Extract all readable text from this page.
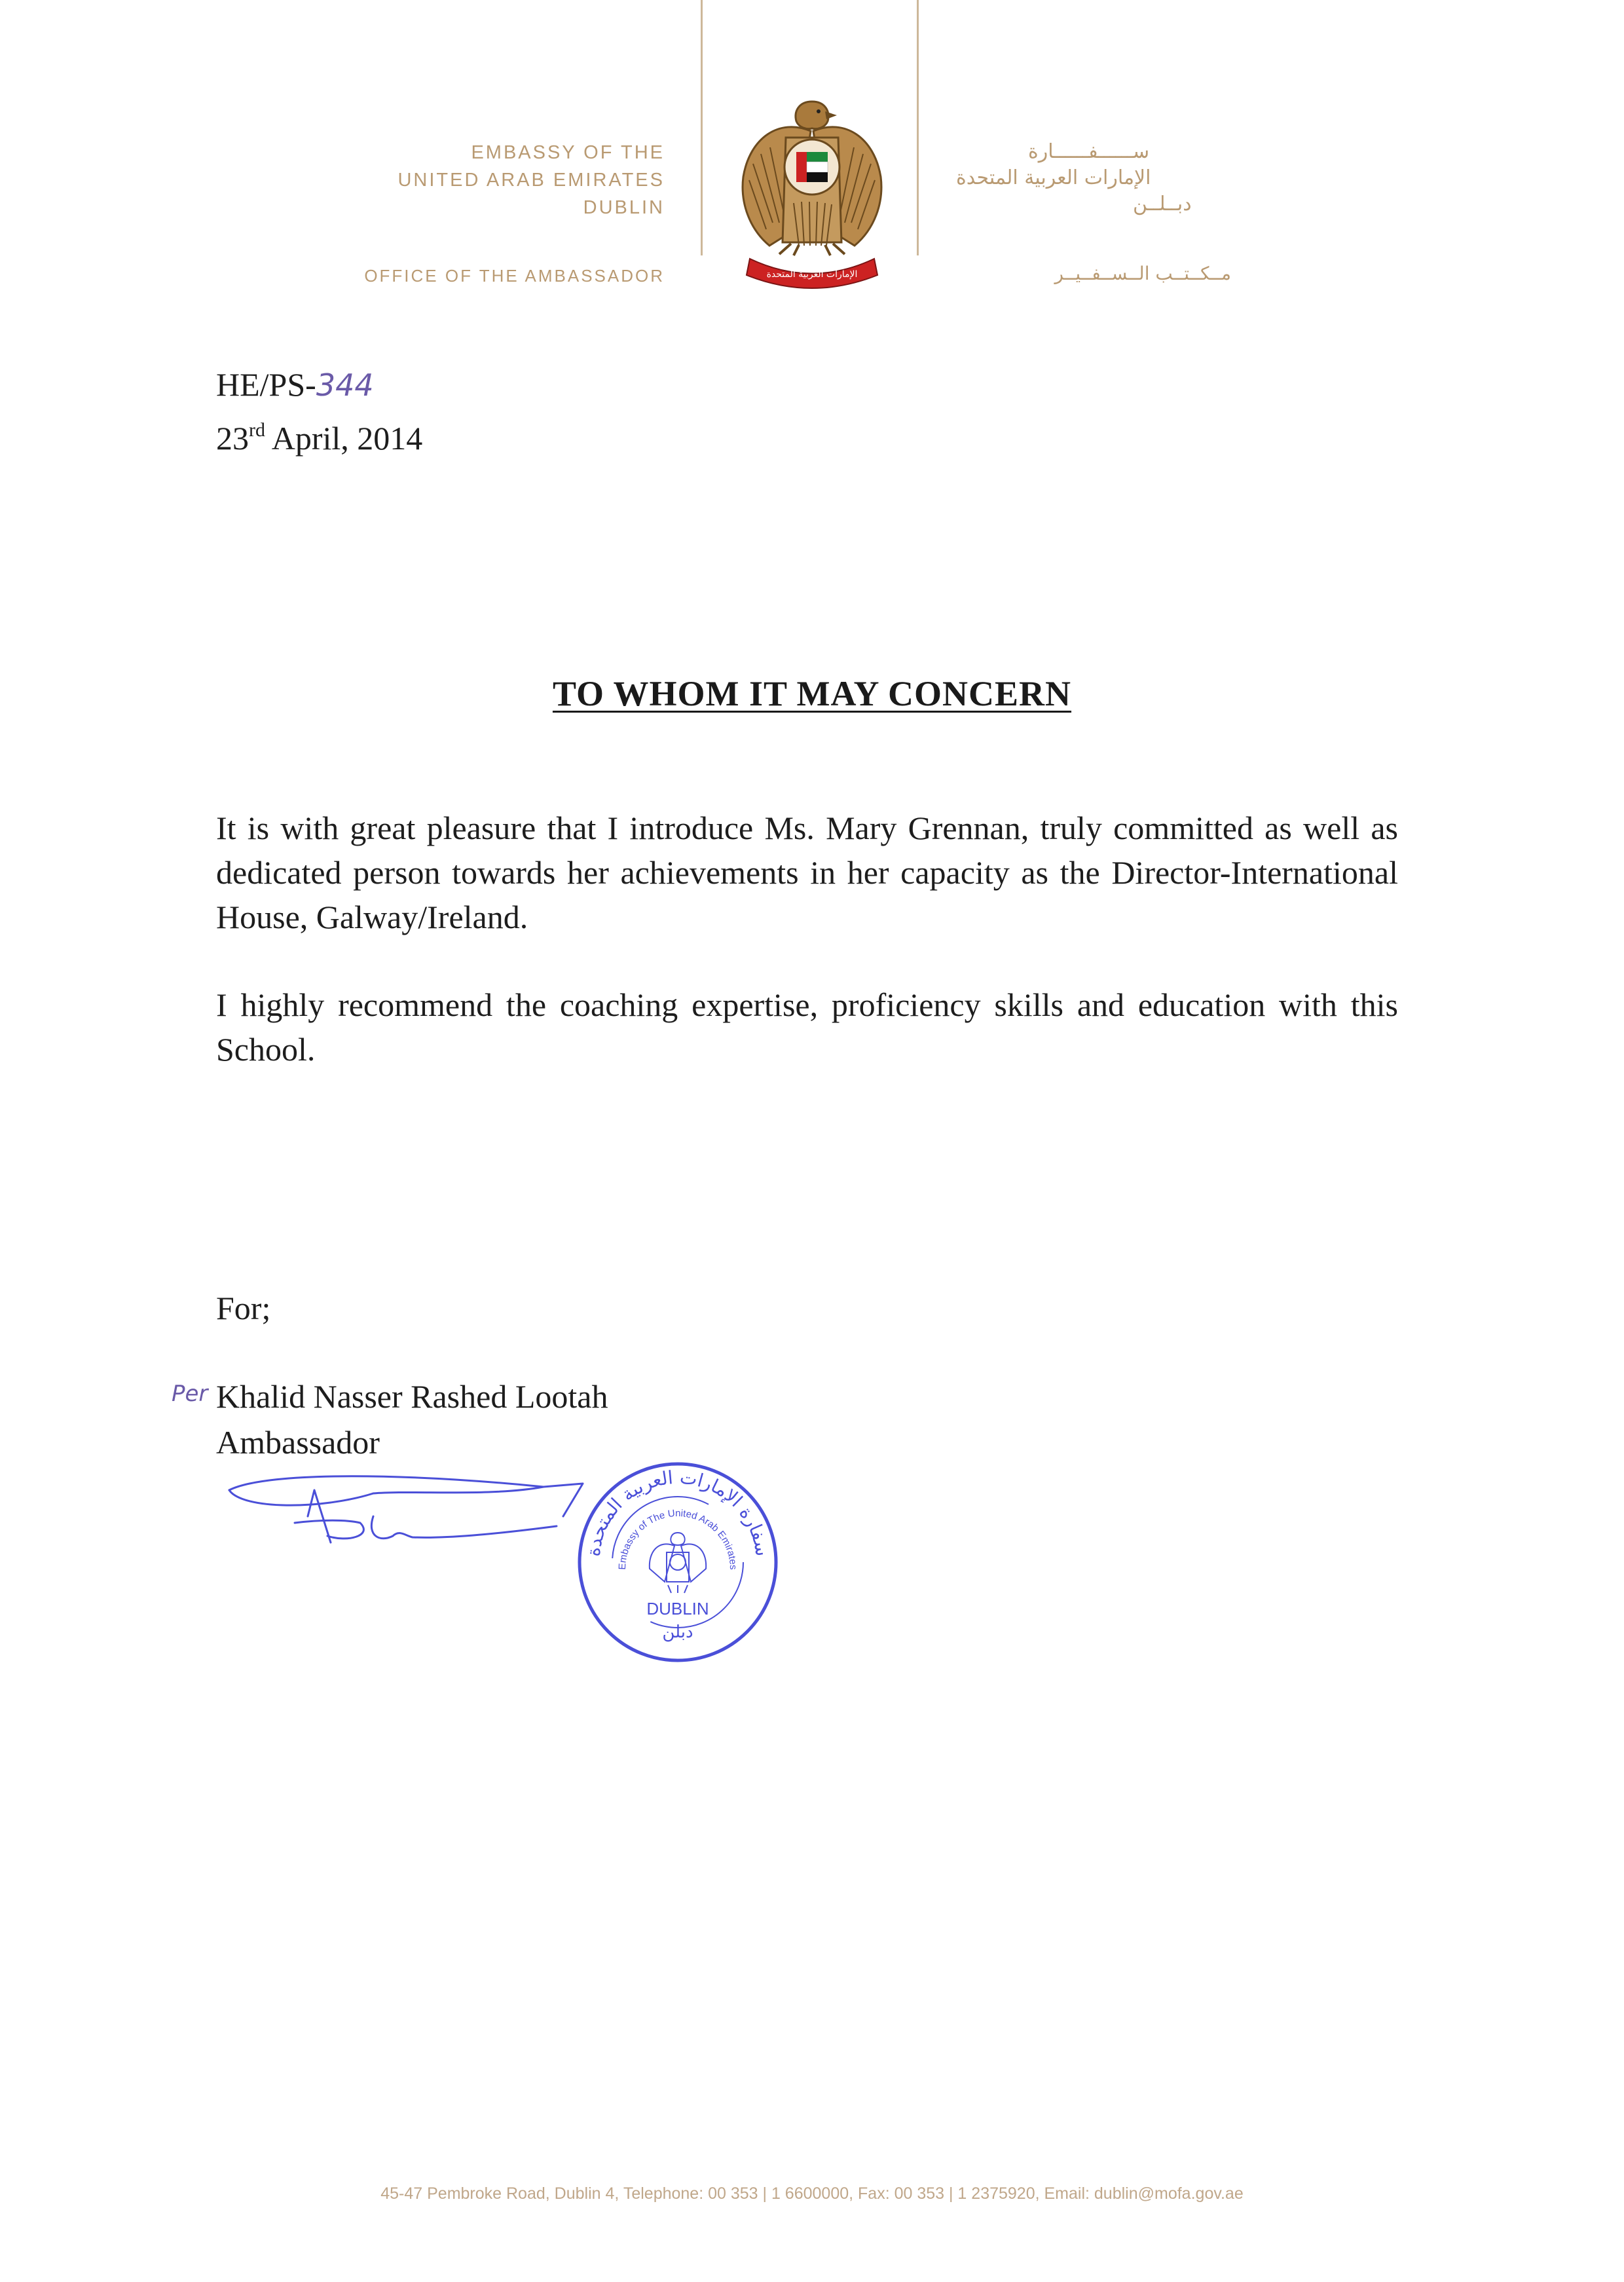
EMBASSY OF THE
UNITED ARAB EMIRATES
DUBLIN
OFFICE OF THE AMBASSADOR	الإمارات العربية المتحدة
ســــــفــــــارة
الإمارات العربية المتحدة
دبــلــن
مــكــتــب الــســفــيــر
HE/PS-344
23rd April, 2014
TO WHOM IT MAY CONCERN
It is with great pleasure that I introduce Ms. Mary Grennan, truly committed as well as dedicated person towards her achievements in her capacity as the Director-International House, Galway/Ireland.
I highly recommend the coaching expertise, proficiency skills and education with this School.
For;
Per Khalid Nasser Rashed Lootah
Ambassador
سفارة الإمارات العربية المتحدة
Embassy of The United Arab Emirates
DUBLIN
دبلن
45-47 Pembroke Road, Dublin 4, Telephone: 00 353 | 1 6600000, Fax: 00 353 | 1 2375920, Email: dublin@mofa.gov.ae
